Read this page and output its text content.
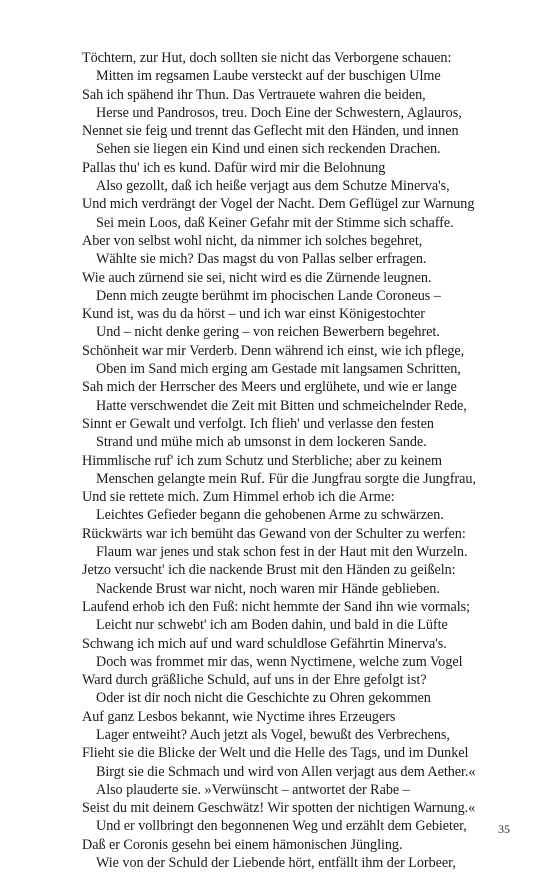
Töchtern, zur Hut, doch sollten sie nicht das Verborgene schauen:
Mitten im regsamen Laube versteckt auf der buschigen Ulme
Sah ich spähend ihr Thun. Das Vertrauete wahren die beiden,
Herse und Pandrosos, treu. Doch Eine der Schwestern, Aglauros,
Nennet sie feig und trennt das Geflecht mit den Händen, und innen
Sehen sie liegen ein Kind und einen sich reckenden Drachen.
Pallas thu' ich es kund. Dafür wird mir die Belohnung
Also gezollt, daß ich heiße verjagt aus dem Schutze Minerva's,
Und mich verdrängt der Vogel der Nacht. Dem Geflügel zur Warnung
Sei mein Loos, daß Keiner Gefahr mit der Stimme sich schaffe.
Aber von selbst wohl nicht, da nimmer ich solches begehret,
Wählte sie mich? Das magst du von Pallas selber erfragen.
Wie auch zürnend sie sei, nicht wird es die Zürnende leugnen.
Denn mich zeugte berühmt im phocischen Lande Coroneus –
Kund ist, was du da hörst – und ich war einst Königestochter
Und – nicht denke gering – von reichen Bewerbern begehret.
Schönheit war mir Verderb. Denn während ich einst, wie ich pflege,
Oben im Sand mich erging am Gestade mit langsamen Schritten,
Sah mich der Herrscher des Meers und erglühete, und wie er lange
Hatte verschwendet die Zeit mit Bitten und schmeichelnder Rede,
Sinnt er Gewalt und verfolgt. Ich flieh' und verlasse den festen
Strand und mühe mich ab umsonst in dem lockeren Sande.
Himmlische ruf' ich zum Schutz und Sterbliche; aber zu keinem
Menschen gelangte mein Ruf. Für die Jungfrau sorgte die Jungfrau,
Und sie rettete mich. Zum Himmel erhob ich die Arme:
Leichtes Gefieder begann die gehobenen Arme zu schwärzen.
Rückwärts war ich bemüht das Gewand von der Schulter zu werfen:
Flaum war jenes und stak schon fest in der Haut mit den Wurzeln.
Jetzo versucht' ich die nackende Brust mit den Händen zu geißeln:
Nackende Brust war nicht, noch waren mir Hände geblieben.
Laufend erhob ich den Fuß: nicht hemmte der Sand ihn wie vormals;
Leicht nur schwebt' ich am Boden dahin, und bald in die Lüfte
Schwang ich mich auf und ward schuldlose Gefährtin Minerva's.
Doch was frommet mir das, wenn Nyctimene, welche zum Vogel
Ward durch gräßliche Schuld, auf uns in der Ehre gefolgt ist?
Oder ist dir noch nicht die Geschichte zu Ohren gekommen
Auf ganz Lesbos bekannt, wie Nyctime ihres Erzeugers
Lager entweiht? Auch jetzt als Vogel, bewußt des Verbrechens,
Flieht sie die Blicke der Welt und die Helle des Tags, und im Dunkel
Birgt sie die Schmach und wird von Allen verjagt aus dem Aether.«
Also plauderte sie. »Verwünscht – antwortet der Rabe –
Seist du mit deinem Geschwätz! Wir spotten der nichtigen Warnung.«
Und er vollbringt den begonnenen Weg und erzählt dem Gebieter,
Daß er Coronis gesehn bei einem hämonischen Jüngling.
Wie von der Schuld der Liebende hört, entfällt ihm der Lorbeer,
35
